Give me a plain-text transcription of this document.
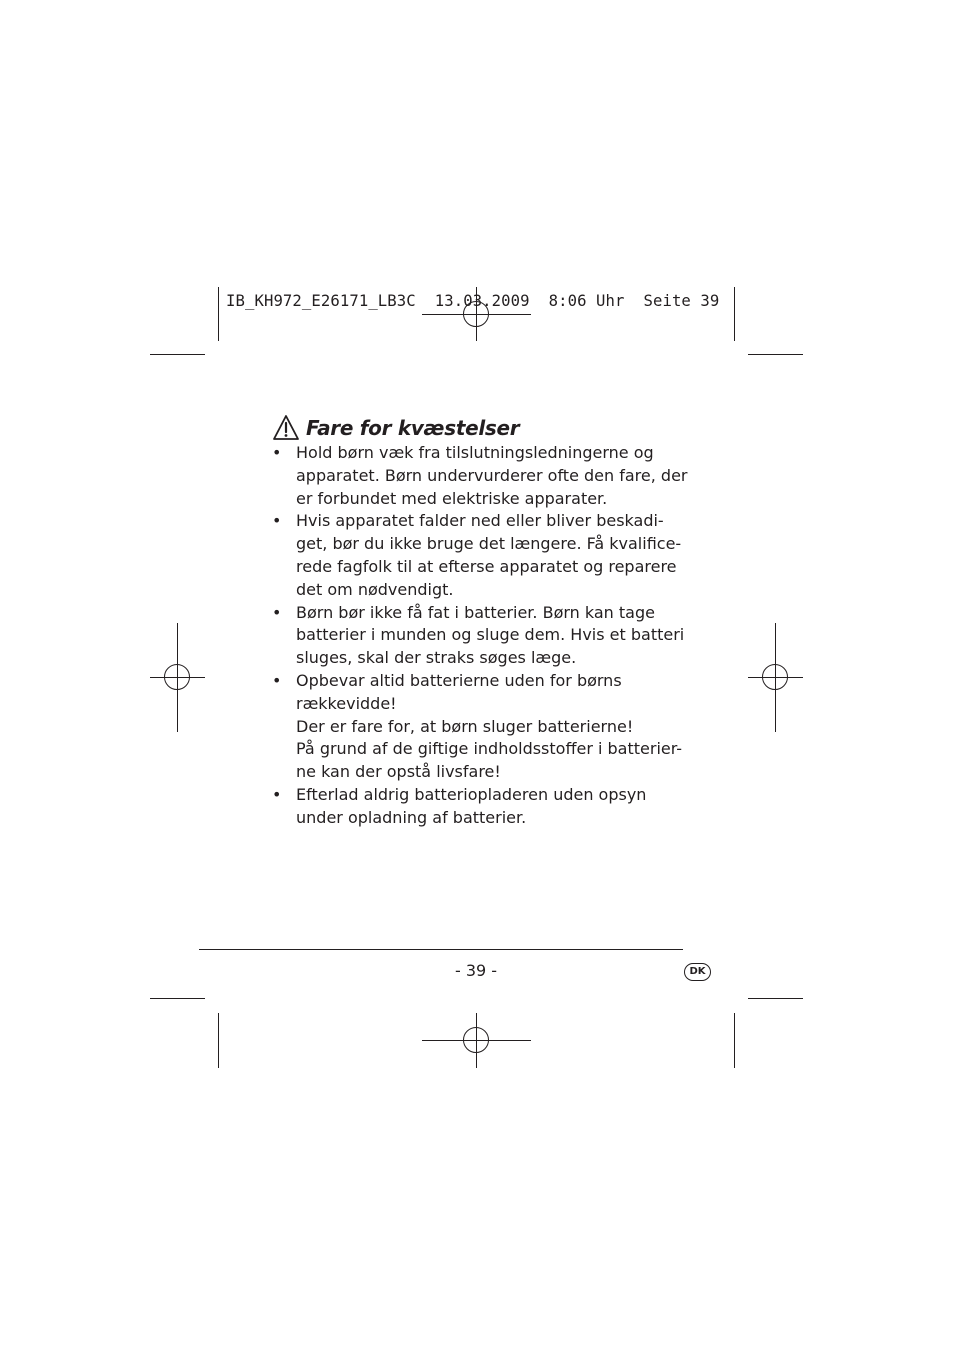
IB_KH972_E26171_LB3C  13.03.2009  8:06 Uhr  Seite 39
Fare for kvæstelser
• Hold børn væk fra tilslutningsledningerne og
apparatet. Børn undervurderer ofte den fare, der
er forbundet med elektriske apparater.
• Hvis apparatet falder ned eller bliver beskadi-
get, bør du ikke bruge det længere. Få kvalifice-
rede fagfolk til at efterse apparatet og reparere
det om nødvendigt.
• Børn bør ikke få fat i batterier. Børn kan tage
batterier i munden og sluge dem. Hvis et batteri
sluges, skal der straks søges læge.
• Opbevar altid batterierne uden for børns
rækkevidde!
Der er fare for, at børn sluger batterierne!
På grund af de giftige indholdsstoffer i batterier-
ne kan der opstå livsfare!
• Efterlad aldrig batteriopladeren uden opsyn
under opladning af batterier.
- 39 -	DK
